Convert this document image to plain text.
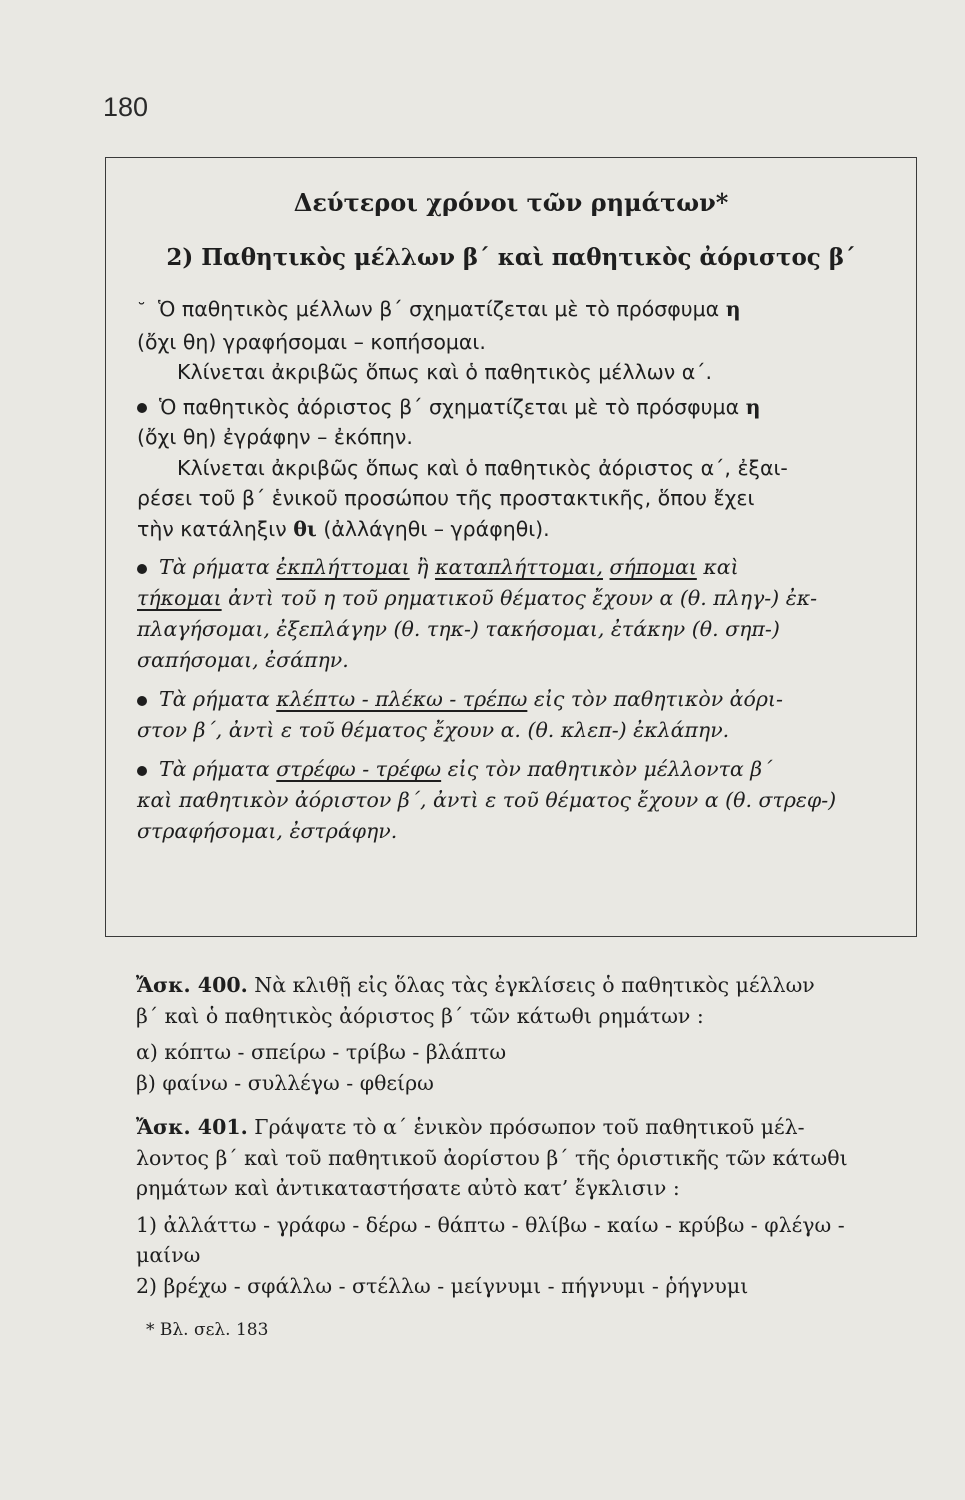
180
Δεύτεροι χρόνοι τῶν ρημάτων*
2) Παθητικὸς μέλλων β΄ καὶ παθητικὸς ἀόριστος β΄

˘ Ὁ παθητικὸς μέλλων β΄ σχηματίζεται μὲ τὸ πρόσφυμα η

(ὄχι θη) γραφήσομαι – κοπήσομαι.

Κλίνεται ἀκριβῶς ὅπως καὶ ὁ παθητικὸς μέλλων α΄.

Ὁ παθητικὸς ἀόριστος β΄ σχηματίζεται μὲ τὸ πρόσφυμα η

(ὄχι θη) ἐγράφην – ἐκόπην.

Κλίνεται ἀκριβῶς ὅπως καὶ ὁ παθητικὸς ἀόριστος α΄, ἐξαι-

ρέσει τοῦ β΄ ἑνικοῦ προσώπου τῆς προστακτικῆς, ὅπου ἔχει

τὴν κατάληξιν θι (ἀλλάγηθι – γράφηθι).

Τὰ ρήματα ἐκπλήττομαι ἢ καταπλήττομαι, σήπομαι καὶ
τήκομαι ἀντὶ τοῦ η τοῦ ρηματικοῦ θέματος ἔχουν α (θ. πληγ-) ἐκ-
πλαγήσομαι, ἐξεπλάγην (θ. τηκ-) τακήσομαι, ἐτάκην (θ. σηπ-)
σαπήσομαι, ἐσάπην.

Τὰ ρήματα κλέπτω - πλέκω - τρέπω εἰς τὸν παθητικὸν ἀόρι-
στον β΄, ἀντὶ ε τοῦ θέματος ἔχουν α. (θ. κλεπ-) ἐκλάπην.

Τὰ ρήματα στρέφω - τρέφω εἰς τὸν παθητικὸν μέλλοντα β΄
καὶ παθητικὸν ἀόριστον β΄, ἀντὶ ε τοῦ θέματος ἔχουν α (θ. στρεφ-)
στραφήσομαι, ἐστράφην.

Ἄσκ. 400. Νὰ κλιθῇ εἰς ὅλας τὰς ἐγκλίσεις ὁ παθητικὸς μέλλων

β΄ καὶ ὁ παθητικὸς ἀόριστος β΄ τῶν κάτωθι ρημάτων :

α) κόπτω - σπείρω - τρίβω - βλάπτω

β) φαίνω - συλλέγω - φθείρω

Ἄσκ. 401. Γράψατε τὸ α΄ ἑνικὸν πρόσωπον τοῦ παθητικοῦ μέλ-

λοντος β΄ καὶ τοῦ παθητικοῦ ἀορίστου β΄ τῆς ὁριστικῆς τῶν κάτωθι

ρημάτων καὶ ἀντικαταστήσατε αὐτὸ κατ’ ἔγκλισιν :

1) ἀλλάττω - γράφω - δέρω - θάπτω - θλίβω - καίω - κρύβω - φλέγω -

μαίνω

2) βρέχω - σφάλλω - στέλλω - μείγνυμι - πήγνυμι - ῥήγνυμι

* Βλ. σελ. 183
